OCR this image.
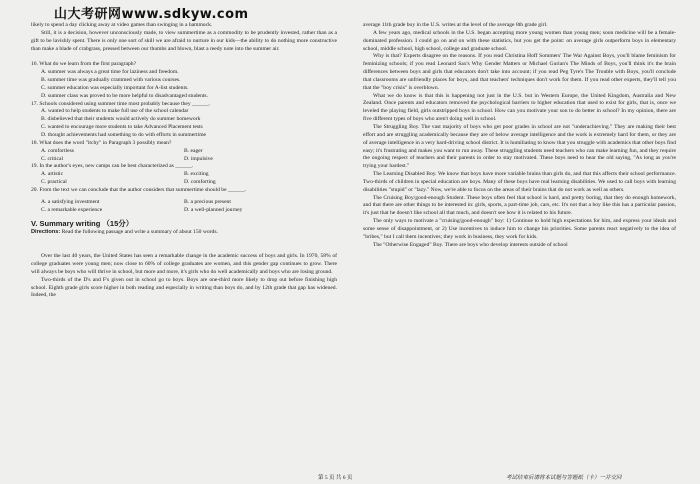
山大考研网www.sdkyw.com

likely to spend a day clicking away at video games than swinging in a hammock.

Still, it is a decision, however unconsciously made, to view summertime as a commodity to be prudently invested, rather than as a gift to be lavishly spent. There is only one sort of skill we are afraid to nurture in our kids—the ability to do nothing more constructive than make a blade of crabgrass, pressed between our thumbs and blown, blast a reedy note into the summer air.

16. What do we learn from the first paragraph?

A. summer was always a great time for laziness and freedom.

B. summer time was gradually crammed with various courses.

C. summer education was especially important for A-list students.

D. summer class was proved to be more helpful to disadvantaged students.

17. Schools considered using summer time most probably because they ______.

A. wanted to help students to make full use of the school calendar

B. disbelieved that their students would actively do summer homework

C. wanted to encourage more students to take Advanced Placement tests

D. thought achievements had something to do with efforts in summertime

18. What does the word "itchy" in Paragraph 3 possibly mean?

A. comfortless	B. eager
C. critical	D. impulsive

19. In the author's eyes, new camps can be best characterized as ______.

A. artistic	B. exciting
C. practical	D. comforting

20. From the text we can conclude that the author considers that summertime should be ______.

A. a satisfying investment	B. a precious present
C. a remarkable experience	D. a well-planned journey

V. Summary writing （15分）

Directions: Read the following passage and write a summary of about 150 words.

Over the last 40 years, the United States has seen a remarkable change in the academic success of boys and girls. In 1970, 58% of college graduates were young men; now close to 60% of college graduates are women, and this gender gap continues to grow. There will always be boys who will thrive in school, but more and more, it's girls who do well academically and boys who are losing ground.

Two-thirds of the D's and F's given out in school go to boys. Boys are one-third more likely to drop out before finishing high school. Eighth grade girls score higher in both reading and especially in writing than boys do, and by 12th grade that gap has widened. Indeed, the

average 11th grade boy in the U.S. writes at the level of the average 8th grade girl.

A few years ago, medical schools in the U.S. began accepting more young women than young men; soon medicine will be a female-dominated profession. I could go on and on with these statistics, but you get the point: on average girls outperform boys in elementary school, middle school, high school, college and graduate school.

Why is that? Experts disagree on the reasons. If you read Christina Hoff Sommers' The War Against Boys, you'll blame feminism for feminizing schools; if you read Leonard Sax's Why Gender Matters or Michael Gurian's The Minds of Boys, you'll think it's the brain differences between boys and girls that educators don't take into account; if you read Peg Tyre's The Trouble with Boys, you'll conclude that classrooms are unfriendly places for boys, and that teachers' techniques don't work for them. If you read other experts, they'll tell you that the "boy crisis" is overblown.

What we do know is that this is happening not just in the U.S. but in Western Europe, the United Kingdom, Australia and New Zealand. Once parents and educators removed the psychological barriers to higher education that used to exist for girls, that is, once we leveled the playing field, girls outstripped boys in school. How can you motivate your son to do better in school? In my opinion, there are five different types of boys who aren't doing well in school.

The Struggling Boy. The vast majority of boys who get poor grades in school are not "underachieving." They are making their best effort and are struggling academically because they are of below average intelligence and the work is extremely hard for them, or they are of average intelligence in a very hard-driving school district. It is humiliating to know that you struggle with academics that other boys find easy; it's frustrating and makes you want to run away. These struggling students need teachers who can make learning fun, and they require the ongoing respect of teachers and their parents in order to stay motivated. These boys need to hear the old saying, "As long as you're trying your hardest."

The Learning Disabled Boy. We know that boys have more variable brains than girls do, and that this affects their school performance. Two-thirds of children in special education are boys. Many of these boys have real learning disabilities. We used to call boys with learning disabilities "stupid" or "lazy." Now, we're able to focus on the areas of their brains that do not work as well as others.

The Cruising Boy/good-enough Student. These boys often feel that school is hard, and pretty boring, that they do enough homework, and that there are other things to be interested in: girls, sports, a part-time job, cars, etc. It's not that a boy like this has a particular passion, it's just that he doesn't like school all that much, and doesn't see how it is related to his future.

The only ways to motivate a "cruising/good-enough" boy: 1) Continue to hold high expectations for him, and express your ideals and some sense of disappointment, or 2) Use incentives to induce him to change his priorities. Some parents react negatively to the idea of "bribes," but I call them incentives; they work in business, they work for kids.

The "Otherwise Engaged" Boy. There are boys who develop interests outside of school

第 5 页 共 6 页	考试结束后请将本试题与答题纸（卡）一并交回
